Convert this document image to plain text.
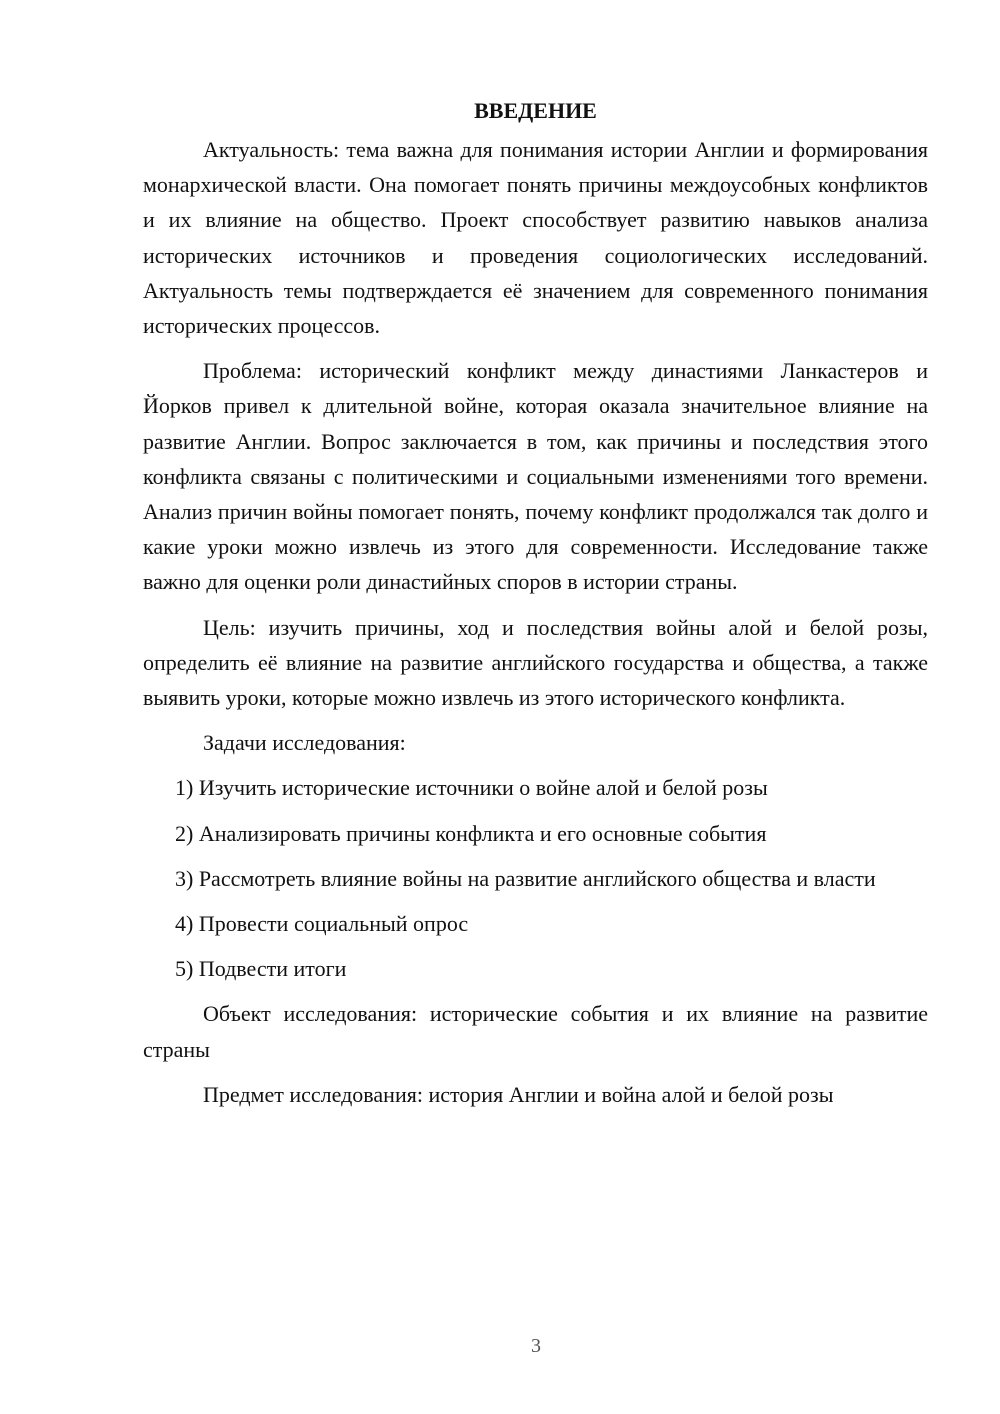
ВВЕДЕНИЕ

Актуальность: тема важна для понимания истории Англии и формирования монархической власти. Она помогает понять причины междоусобных конфликтов и их влияние на общество. Проект способствует развитию навыков анализа исторических источников и проведения социологических исследований. Актуальность темы подтверждается её значением для современного понимания исторических процессов.

Проблема: исторический конфликт между династиями Ланкастеров и Йорков привел к длительной войне, которая оказала значительное влияние на развитие Англии. Вопрос заключается в том, как причины и последствия этого конфликта связаны с политическими и социальными изменениями того времени. Анализ причин войны помогает понять, почему конфликт продолжался так долго и какие уроки можно извлечь из этого для современности. Исследование также важно для оценки роли династийных споров в истории страны.

Цель: изучить причины, ход и последствия войны алой и белой розы, определить её влияние на развитие английского государства и общества, а также выявить уроки, которые можно извлечь из этого исторического конфликта.

Задачи исследования:

1) Изучить исторические источники о войне алой и белой розы

2) Анализировать причины конфликта и его основные события

3) Рассмотреть влияние войны на развитие английского общества и власти

4) Провести социальный опрос

5) Подвести итоги

Объект исследования: исторические события и их влияние на развитие страны

Предмет исследования: история Англии и война алой и белой розы

3
